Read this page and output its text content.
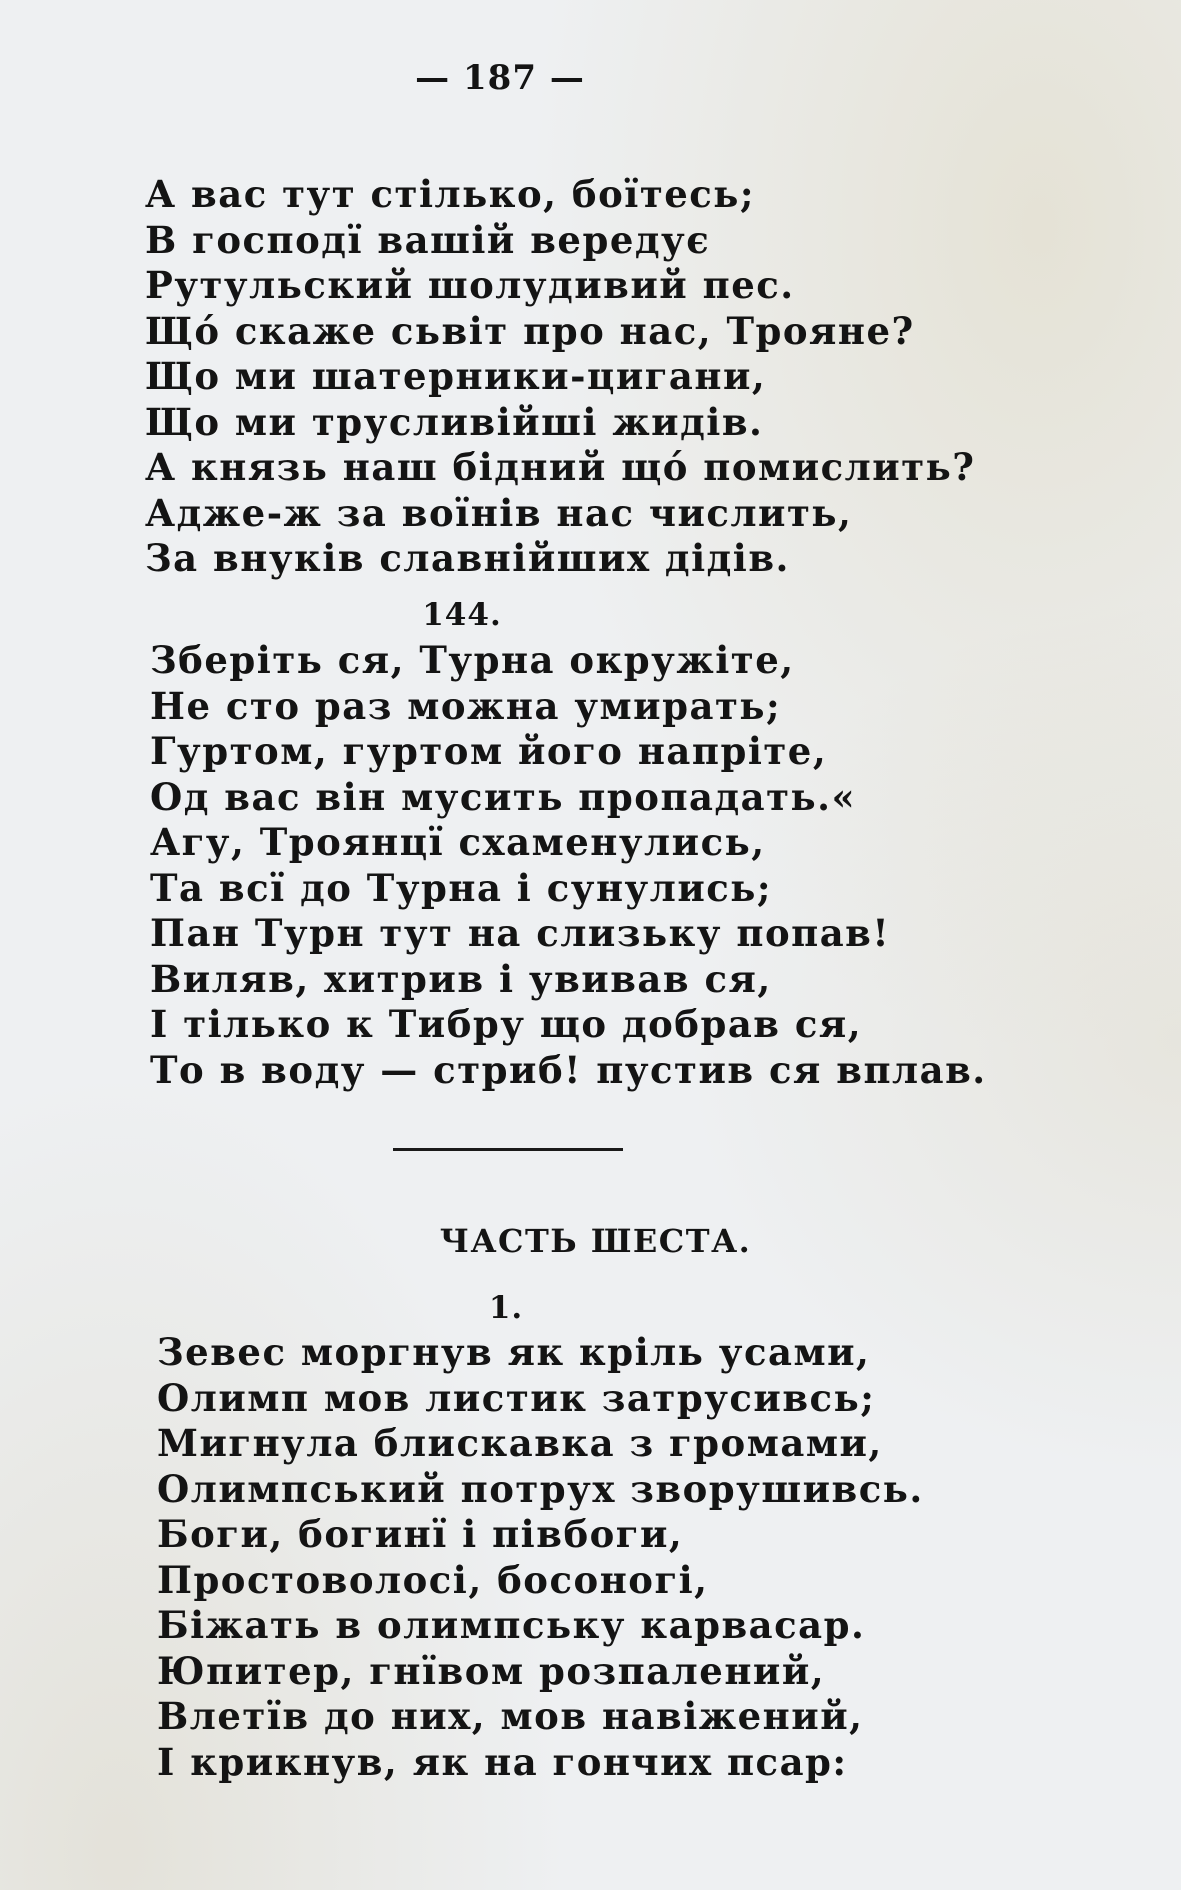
— 187 —
А вас тут стілько, боїтесь;
В господї вашій вередує
Рутульский шолудивий пес.
Щó скаже сьвіт про нас, Трояне?
Що ми шатерники-цигани,
Що ми трусливійші жидів.
А князь наш бідний щó помислить?
Адже-ж за воїнів нас числить,
За внуків славнійших дідів.
144.
Зберіть ся, Турна окружіте,
Не сто раз можна умирать;
Гуртом, гуртом його напріте,
Од вас він мусить пропадать.«
Агу, Троянцї схаменулись,
Та всї до Турна і сунулись;
Пан Турн тут на слизьку попав!
Виляв, хитрив і увивав ся,
І тілько к Тибру що добрав ся,
То в воду — стриб! пустив ся вплав.
ЧАСТЬ ШЕСТА.
1.
Зевес моргнув як кріль усами,
Олимп мов листик затрусивсь;
Мигнула блискавка з громами,
Олимпський потрух зворушивсь.
Боги, богинї і півбоги,
Простоволосі, босоногі,
Біжать в олимпську карвасар.
Юпитер, гнївом розпалений,
Влетїв до них, мов навіжений,
І крикнув, як на гончих псар:
